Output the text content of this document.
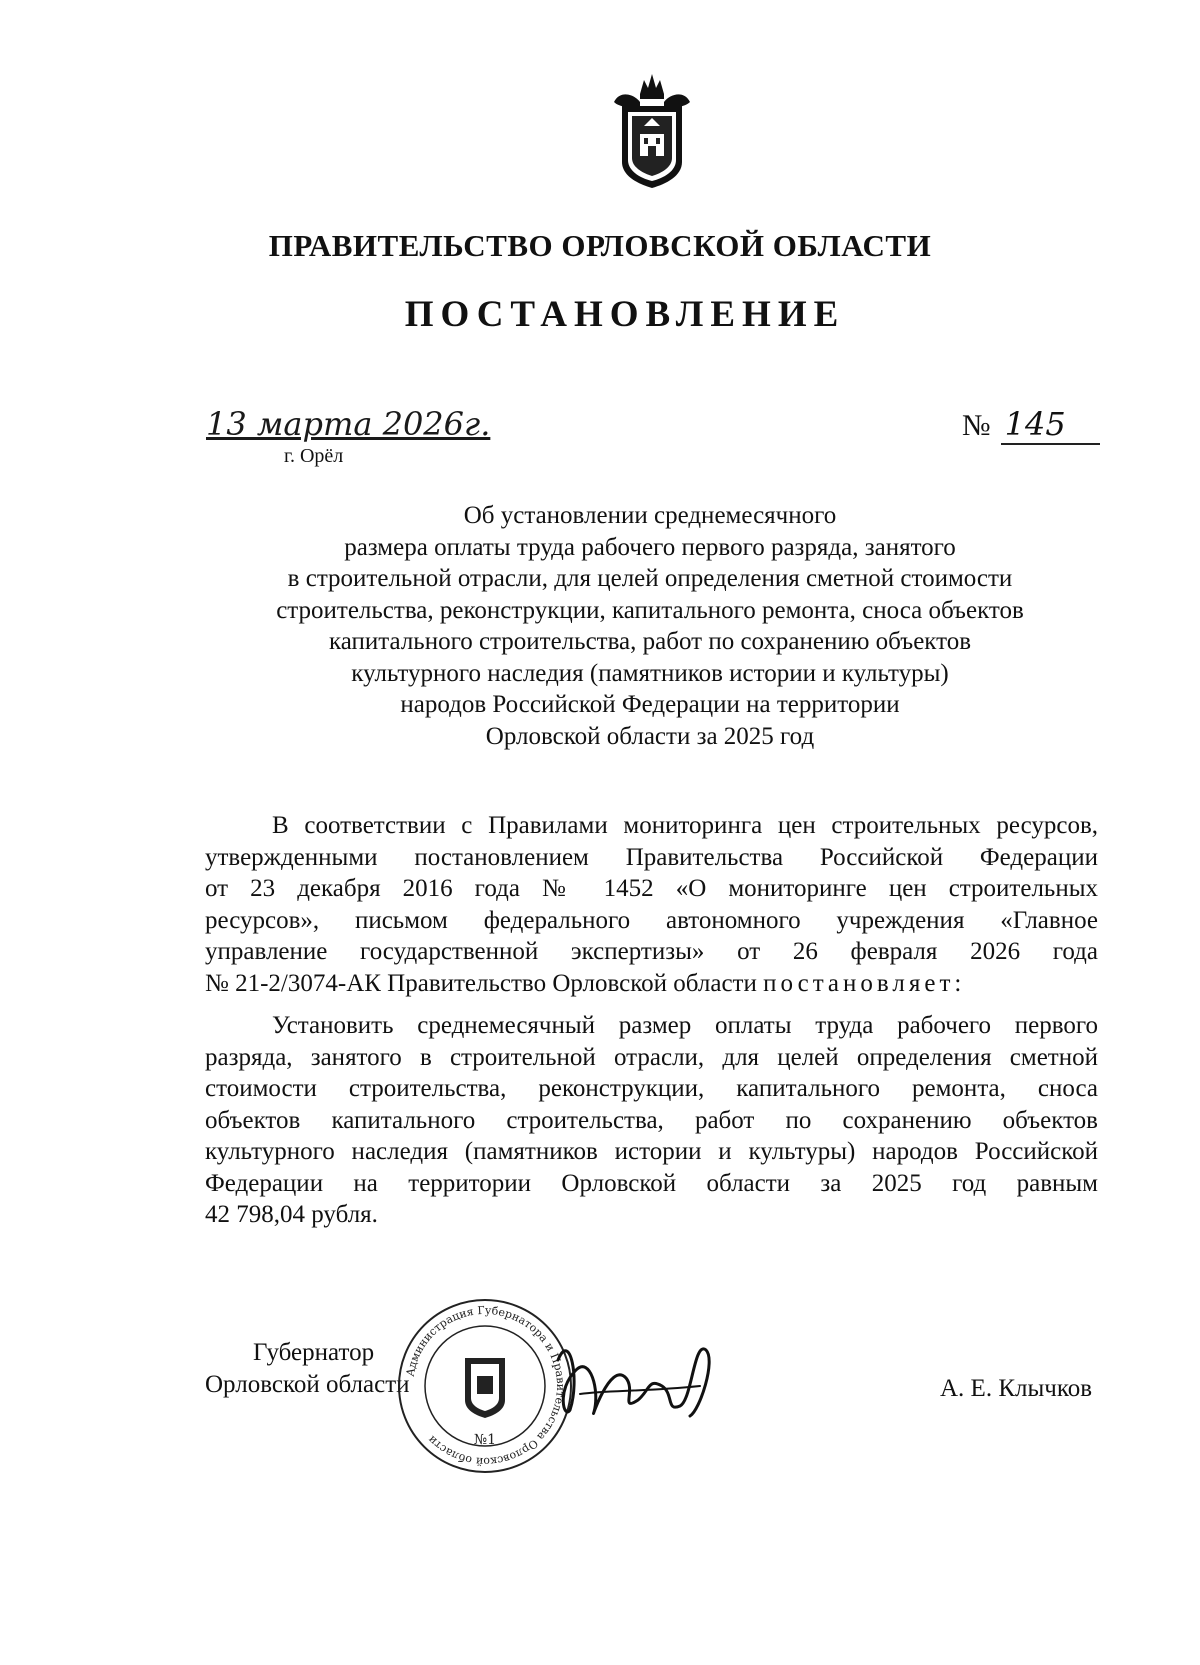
ПРАВИТЕЛЬСТВО ОРЛОВСКОЙ ОБЛАСТИ
ПОСТАНОВЛЕНИЕ
13 марта 2026г.
г. Орёл
№ 145
Об установлении среднемесячного
размера оплаты труда рабочего первого разряда, занятого
в строительной отрасли, для целей определения сметной стоимости
строительства, реконструкции, капитального ремонта, сноса объектов
капитального строительства, работ по сохранению объектов
культурного наследия (памятников истории и культуры)
народов Российской Федерации на территории
Орловской области за 2025 год
В соответствии с Правилами мониторинга цен строительных ресурсов,
утвержденными постановлением Правительства Российской Федерации
от 23 декабря 2016 года № 1452 «О мониторинге цен строительных
ресурсов», письмом федерального автономного учреждения «Главное
управление государственной экспертизы» от 26 февраля 2026 года
№ 21-2/3074-АК Правительство Орловской области постановляет:
Установить среднемесячный размер оплаты труда рабочего первого
разряда, занятого в строительной отрасли, для целей определения сметной
стоимости строительства, реконструкции, капитального ремонта, сноса
объектов капитального строительства, работ по сохранению объектов
культурного наследия (памятников истории и культуры) народов Российской
Федерации на территории Орловской области за 2025 год равным
42 798,04 рубля.
Губернатор
Орловской области
Администрация Губернатора и Правительства Орловской области	№1
А. Е. Клычков
